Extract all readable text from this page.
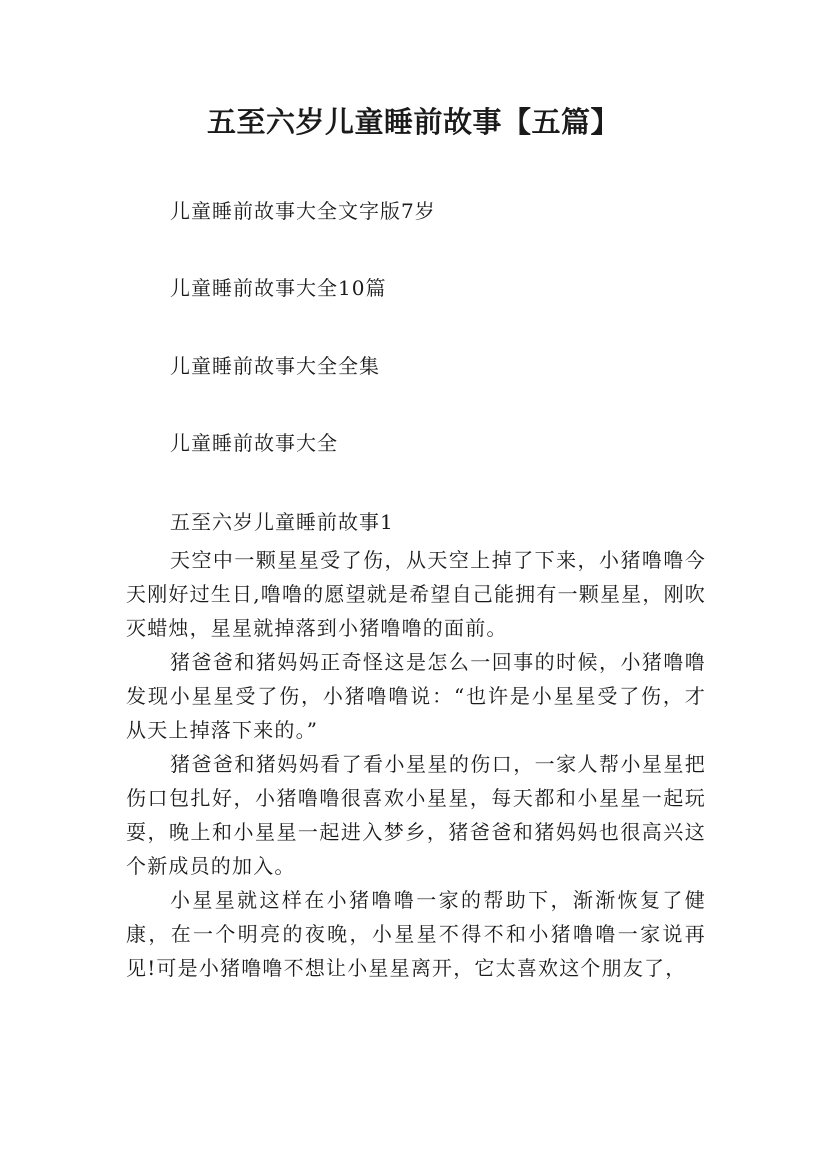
五至六岁儿童睡前故事【五篇】
儿童睡前故事大全文字版7岁
儿童睡前故事大全10篇
儿童睡前故事大全全集
儿童睡前故事大全
五至六岁儿童睡前故事1

天空中一颗星星受了伤，从天空上掉了下来，小猪噜噜今天刚好过生日,噜噜的愿望就是希望自己能拥有一颗星星，刚吹灭蜡烛，星星就掉落到小猪噜噜的面前。

猪爸爸和猪妈妈正奇怪这是怎么一回事的时候，小猪噜噜发现小星星受了伤，小猪噜噜说：“也许是小星星受了伤，才从天上掉落下来的。”

猪爸爸和猪妈妈看了看小星星的伤口，一家人帮小星星把伤口包扎好，小猪噜噜很喜欢小星星，每天都和小星星一起玩耍，晚上和小星星一起进入梦乡，猪爸爸和猪妈妈也很高兴这个新成员的加入。

小星星就这样在小猪噜噜一家的帮助下，渐渐恢复了健康，在一个明亮的夜晚，小星星不得不和小猪噜噜一家说再见!可是小猪噜噜不想让小星星离开，它太喜欢这个朋友了，
